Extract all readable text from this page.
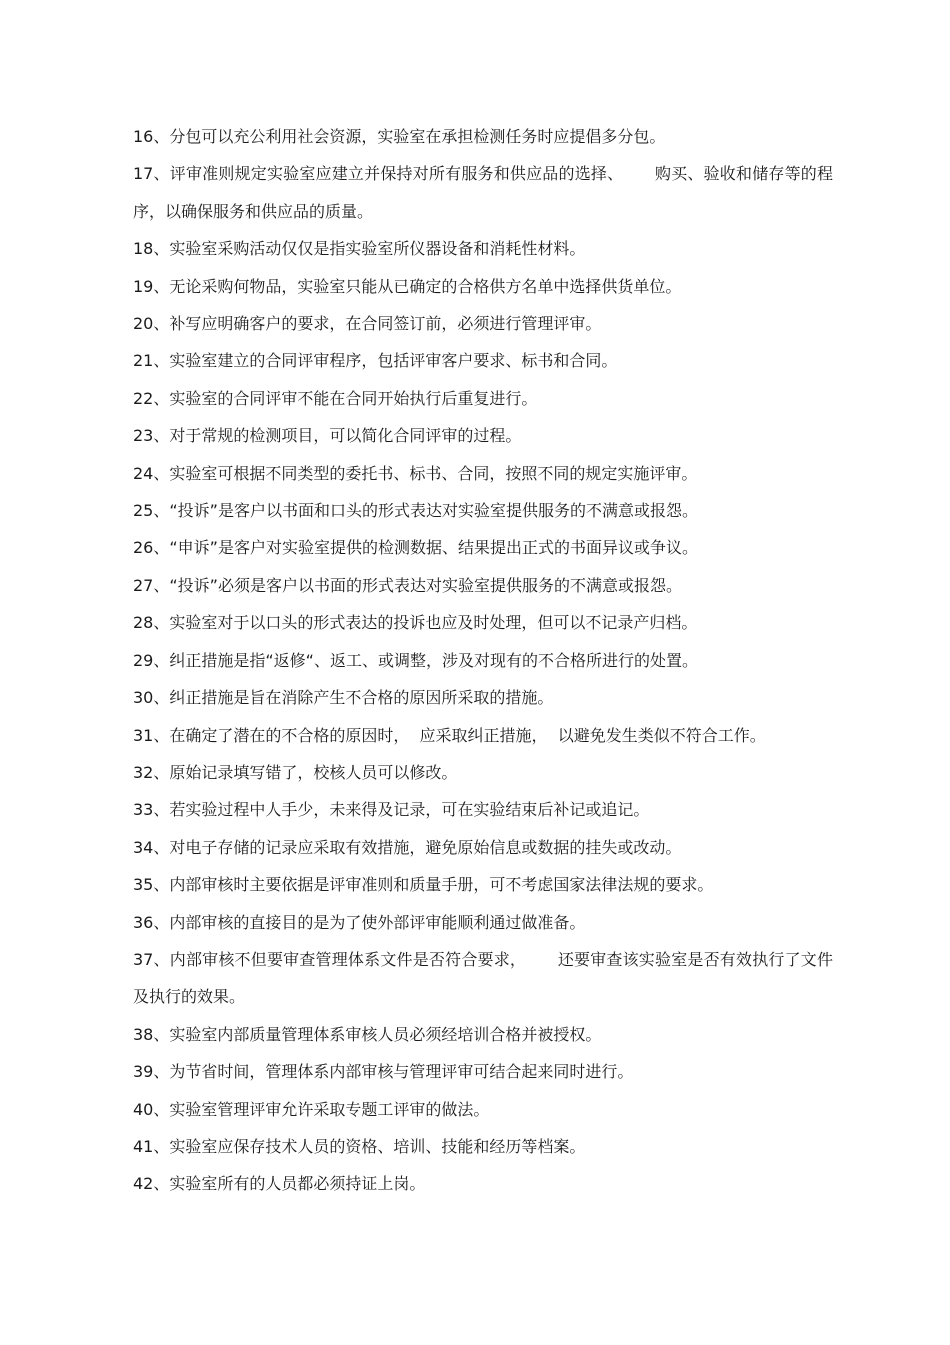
16、分包可以充公利用社会资源，实验室在承担检测任务时应提倡多分包。
17、评审准则规定实验室应建立并保持对所有服务和供应品的选择、      购买、验收和储存等的程序，以确保服务和供应品的质量。
18、实验室采购活动仅仅是指实验室所仪器设备和消耗性材料。
19、无论采购何物品，实验室只能从已确定的合格供方名单中选择供货单位。
20、补写应明确客户的要求，在合同签订前，必须进行管理评审。
21、实验室建立的合同评审程序，包括评审客户要求、标书和合同。
22、实验室的合同评审不能在合同开始执行后重复进行。
23、对于常规的检测项目，可以简化合同评审的过程。
24、实验室可根据不同类型的委托书、标书、合同，按照不同的规定实施评审。
25、“投诉”是客户以书面和口头的形式表达对实验室提供服务的不满意或报怨。
26、“申诉”是客户对实验室提供的检测数据、结果提出正式的书面异议或争议。
27、“投诉”必须是客户以书面的形式表达对实验室提供服务的不满意或报怨。
28、实验室对于以口头的形式表达的投诉也应及时处理，但可以不记录产归档。
29、纠正措施是指“返修“、返工、或调整，涉及对现有的不合格所进行的处置。
30、纠正措施是旨在消除产生不合格的原因所采取的措施。
31、在确定了潜在的不合格的原因时，  应采取纠正措施，  以避免发生类似不符合工作。
32、原始记录填写错了，校核人员可以修改。
33、若实验过程中人手少，未来得及记录，可在实验结束后补记或追记。
34、对电子存储的记录应采取有效措施，避免原始信息或数据的挂失或改动。
35、内部审核时主要依据是评审准则和质量手册，可不考虑国家法律法规的要求。
36、内部审核的直接目的是为了使外部评审能顺利通过做准备。
37、内部审核不但要审查管理体系文件是否符合要求，      还要审查该实验室是否有效执行了文件及执行的效果。
38、实验室内部质量管理体系审核人员必须经培训合格并被授权。
39、为节省时间，管理体系内部审核与管理评审可结合起来同时进行。
40、实验室管理评审允许采取专题工评审的做法。
41、实验室应保存技术人员的资格、培训、技能和经历等档案。
42、实验室所有的人员都必须持证上岗。
